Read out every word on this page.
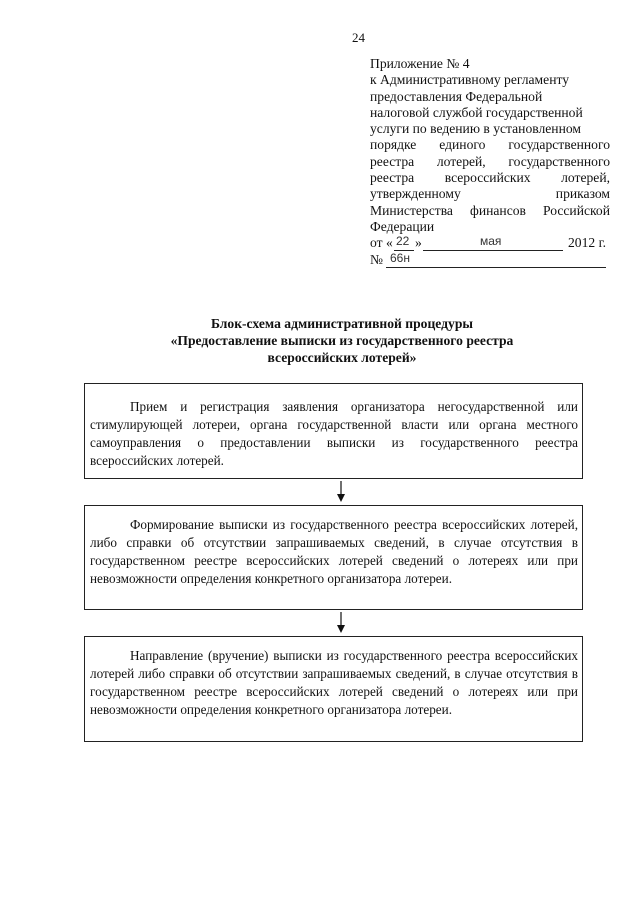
24
Приложение № 4
к Административному регламенту
предоставления Федеральной
налоговой службой государственной
услуги по ведению в установленном
порядке единого государственного
реестра лотерей, государственного
реестра всероссийских лотерей,
утвержденному приказом
Министерства финансов Российской
Федерации
от « 22 »	мая	2012 г.
№ 66н
Блок-схема административной процедуры
«Предоставление выписки из государственного реестра
всероссийских лотерей»
Прием и регистрация заявления организатора негосударственной или стимулирующей лотереи, органа государственной власти или органа местного самоуправления о предоставлении выписки из государственного реестра всероссийских лотерей.
Формирование выписки из государственного реестра всероссийских лотерей, либо справки об отсутствии запрашиваемых сведений, в случае отсутствия в государственном реестре всероссийских лотерей сведений о лотереях или при невозможности определения конкретного организатора лотереи.
Направление (вручение) выписки из государственного реестра всероссийских лотерей либо справки об отсутствии запрашиваемых сведений, в случае отсутствия в государственном реестре всероссийских лотерей сведений о лотереях или при невозможности определения конкретного организатора лотереи.
